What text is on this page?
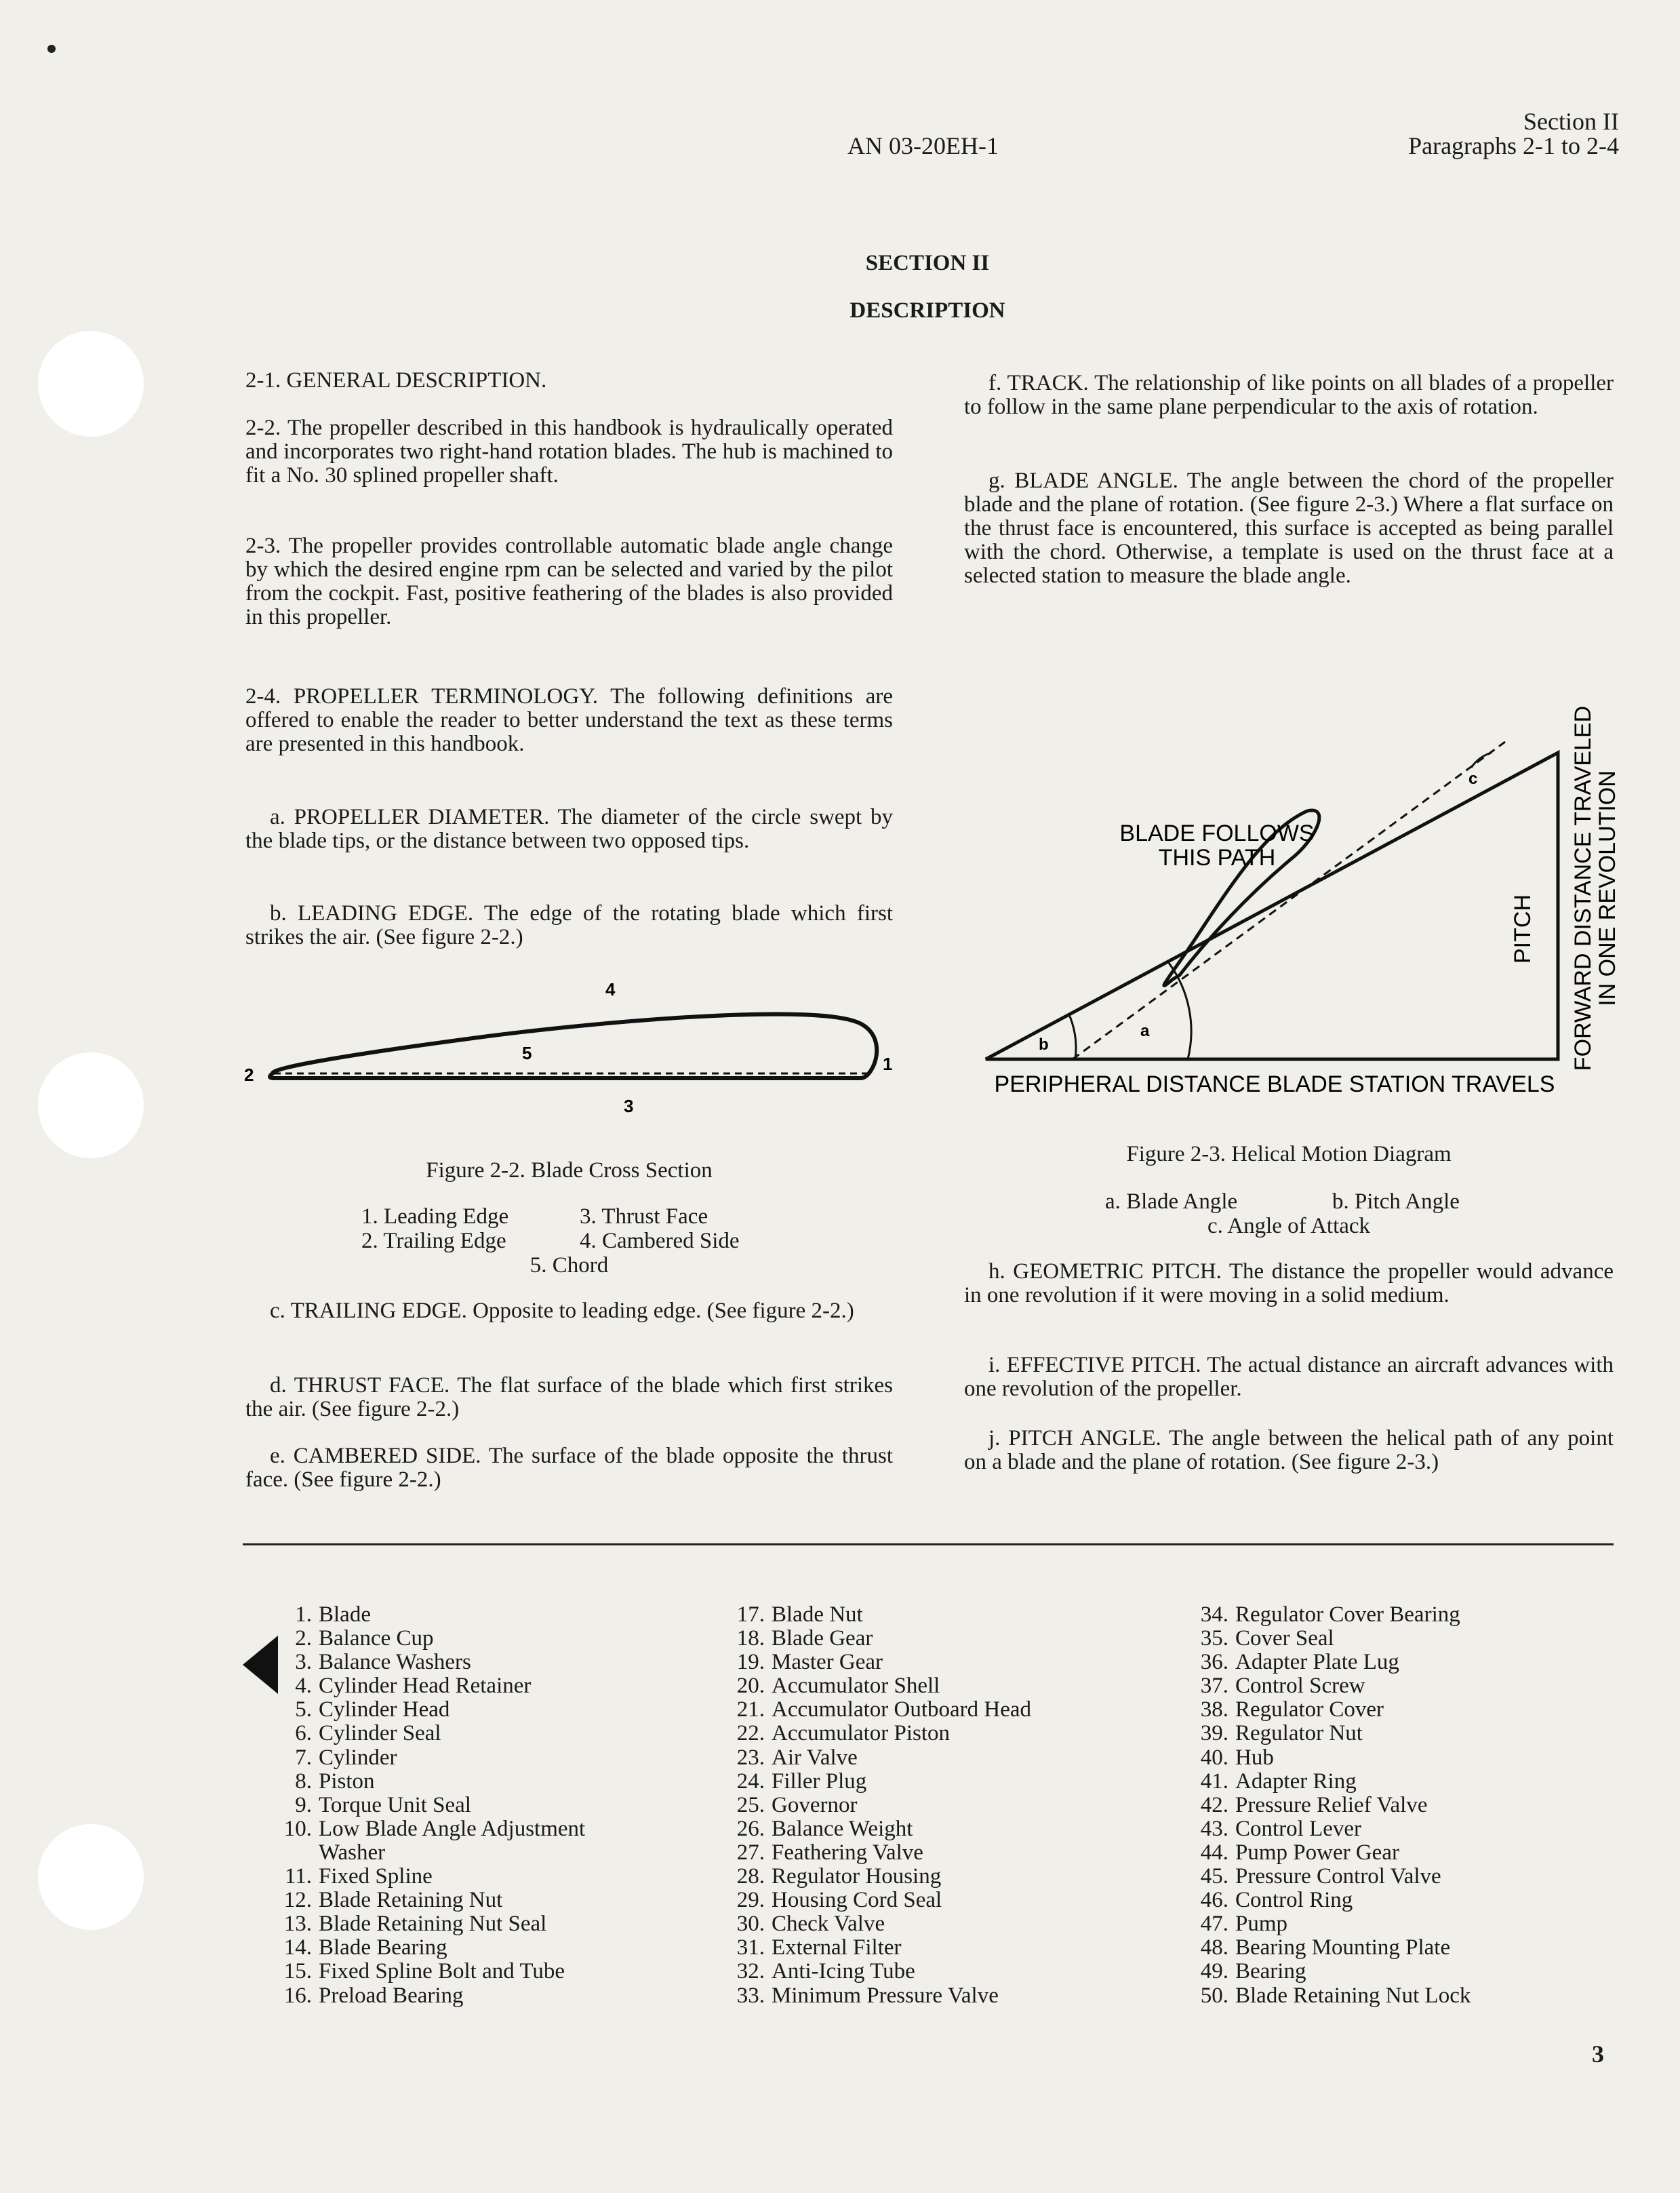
AN 03-20EH-1
Section II
Paragraphs 2-1 to 2-4
SECTION II
DESCRIPTION

2-1. GENERAL DESCRIPTION.

2-2. The propeller described in this handbook is hydraulically operated and incorporates two right-hand rotation blades. The hub is machined to fit a No. 30 splined propeller shaft.

2-3. The propeller provides controllable automatic blade angle change by which the desired engine rpm can be selected and varied by the pilot from the cockpit. Fast, positive feathering of the blades is also provided in this propeller.

2-4. PROPELLER TERMINOLOGY. The following definitions are offered to enable the reader to better understand the text as these terms are presented in this handbook.

a. PROPELLER DIAMETER. The diameter of the circle swept by the blade tips, or the distance between two opposed tips.

b. LEADING EDGE. The edge of the rotating blade which first strikes the air. (See figure 2-2.)

4
5
2
1
3
Figure 2-2. Blade Cross Section
1. Leading Edge
2. Trailing Edge
3. Thrust Face
4. Cambered Side
5. Chord

c. TRAILING EDGE. Opposite to leading edge. (See figure 2-2.)

d. THRUST FACE. The flat surface of the blade which first strikes the air. (See figure 2-2.)

e. CAMBERED SIDE. The surface of the blade opposite the thrust face. (See figure 2-2.)

f. TRACK. The relationship of like points on all blades of a propeller to follow in the same plane perpendicular to the axis of rotation.

g. BLADE ANGLE. The angle between the chord of the propeller blade and the plane of rotation. (See figure 2-3.) Where a flat surface on the thrust face is encountered, this surface is accepted as being parallel with the chord. Otherwise, a template is used on the thrust face at a selected station to measure the blade angle.

b
a
c
BLADE FOLLOWS
THIS PATH
PITCH FORWARD DISTANCE TRAVELED
IN ONE REVOLUTION
PERIPHERAL DISTANCE BLADE STATION TRAVELS
Figure 2-3. Helical Motion Diagram
a. Blade Angle	b. Pitch Angle
c. Angle of Attack

h. GEOMETRIC PITCH. The distance the propeller would advance in one revolution if it were moving in a solid medium.

i. EFFECTIVE PITCH. The actual distance an aircraft advances with one revolution of the propeller.

j. PITCH ANGLE. The angle between the helical path of any point on a blade and the plane of rotation. (See figure 2-3.)

1. Blade
2. Balance Cup
3. Balance Washers
4. Cylinder Head Retainer
5. Cylinder Head
6. Cylinder Seal
7. Cylinder
8. Piston
9. Torque Unit Seal
10. Low Blade Angle Adjustment
Washer
11. Fixed Spline
12. Blade Retaining Nut
13. Blade Retaining Nut Seal
14. Blade Bearing
15. Fixed Spline Bolt and Tube
16. Preload Bearing
17. Blade Nut
18. Blade Gear
19. Master Gear
20. Accumulator Shell
21. Accumulator Outboard Head
22. Accumulator Piston
23. Air Valve
24. Filler Plug
25. Governor
26. Balance Weight
27. Feathering Valve
28. Regulator Housing
29. Housing Cord Seal
30. Check Valve
31. External Filter
32. Anti-Icing Tube
33. Minimum Pressure Valve
34. Regulator Cover Bearing
35. Cover Seal
36. Adapter Plate Lug
37. Control Screw
38. Regulator Cover
39. Regulator Nut
40. Hub
41. Adapter Ring
42. Pressure Relief Valve
43. Control Lever
44. Pump Power Gear
45. Pressure Control Valve
46. Control Ring
47. Pump
48. Bearing Mounting Plate
49. Bearing
50. Blade Retaining Nut Lock
3
